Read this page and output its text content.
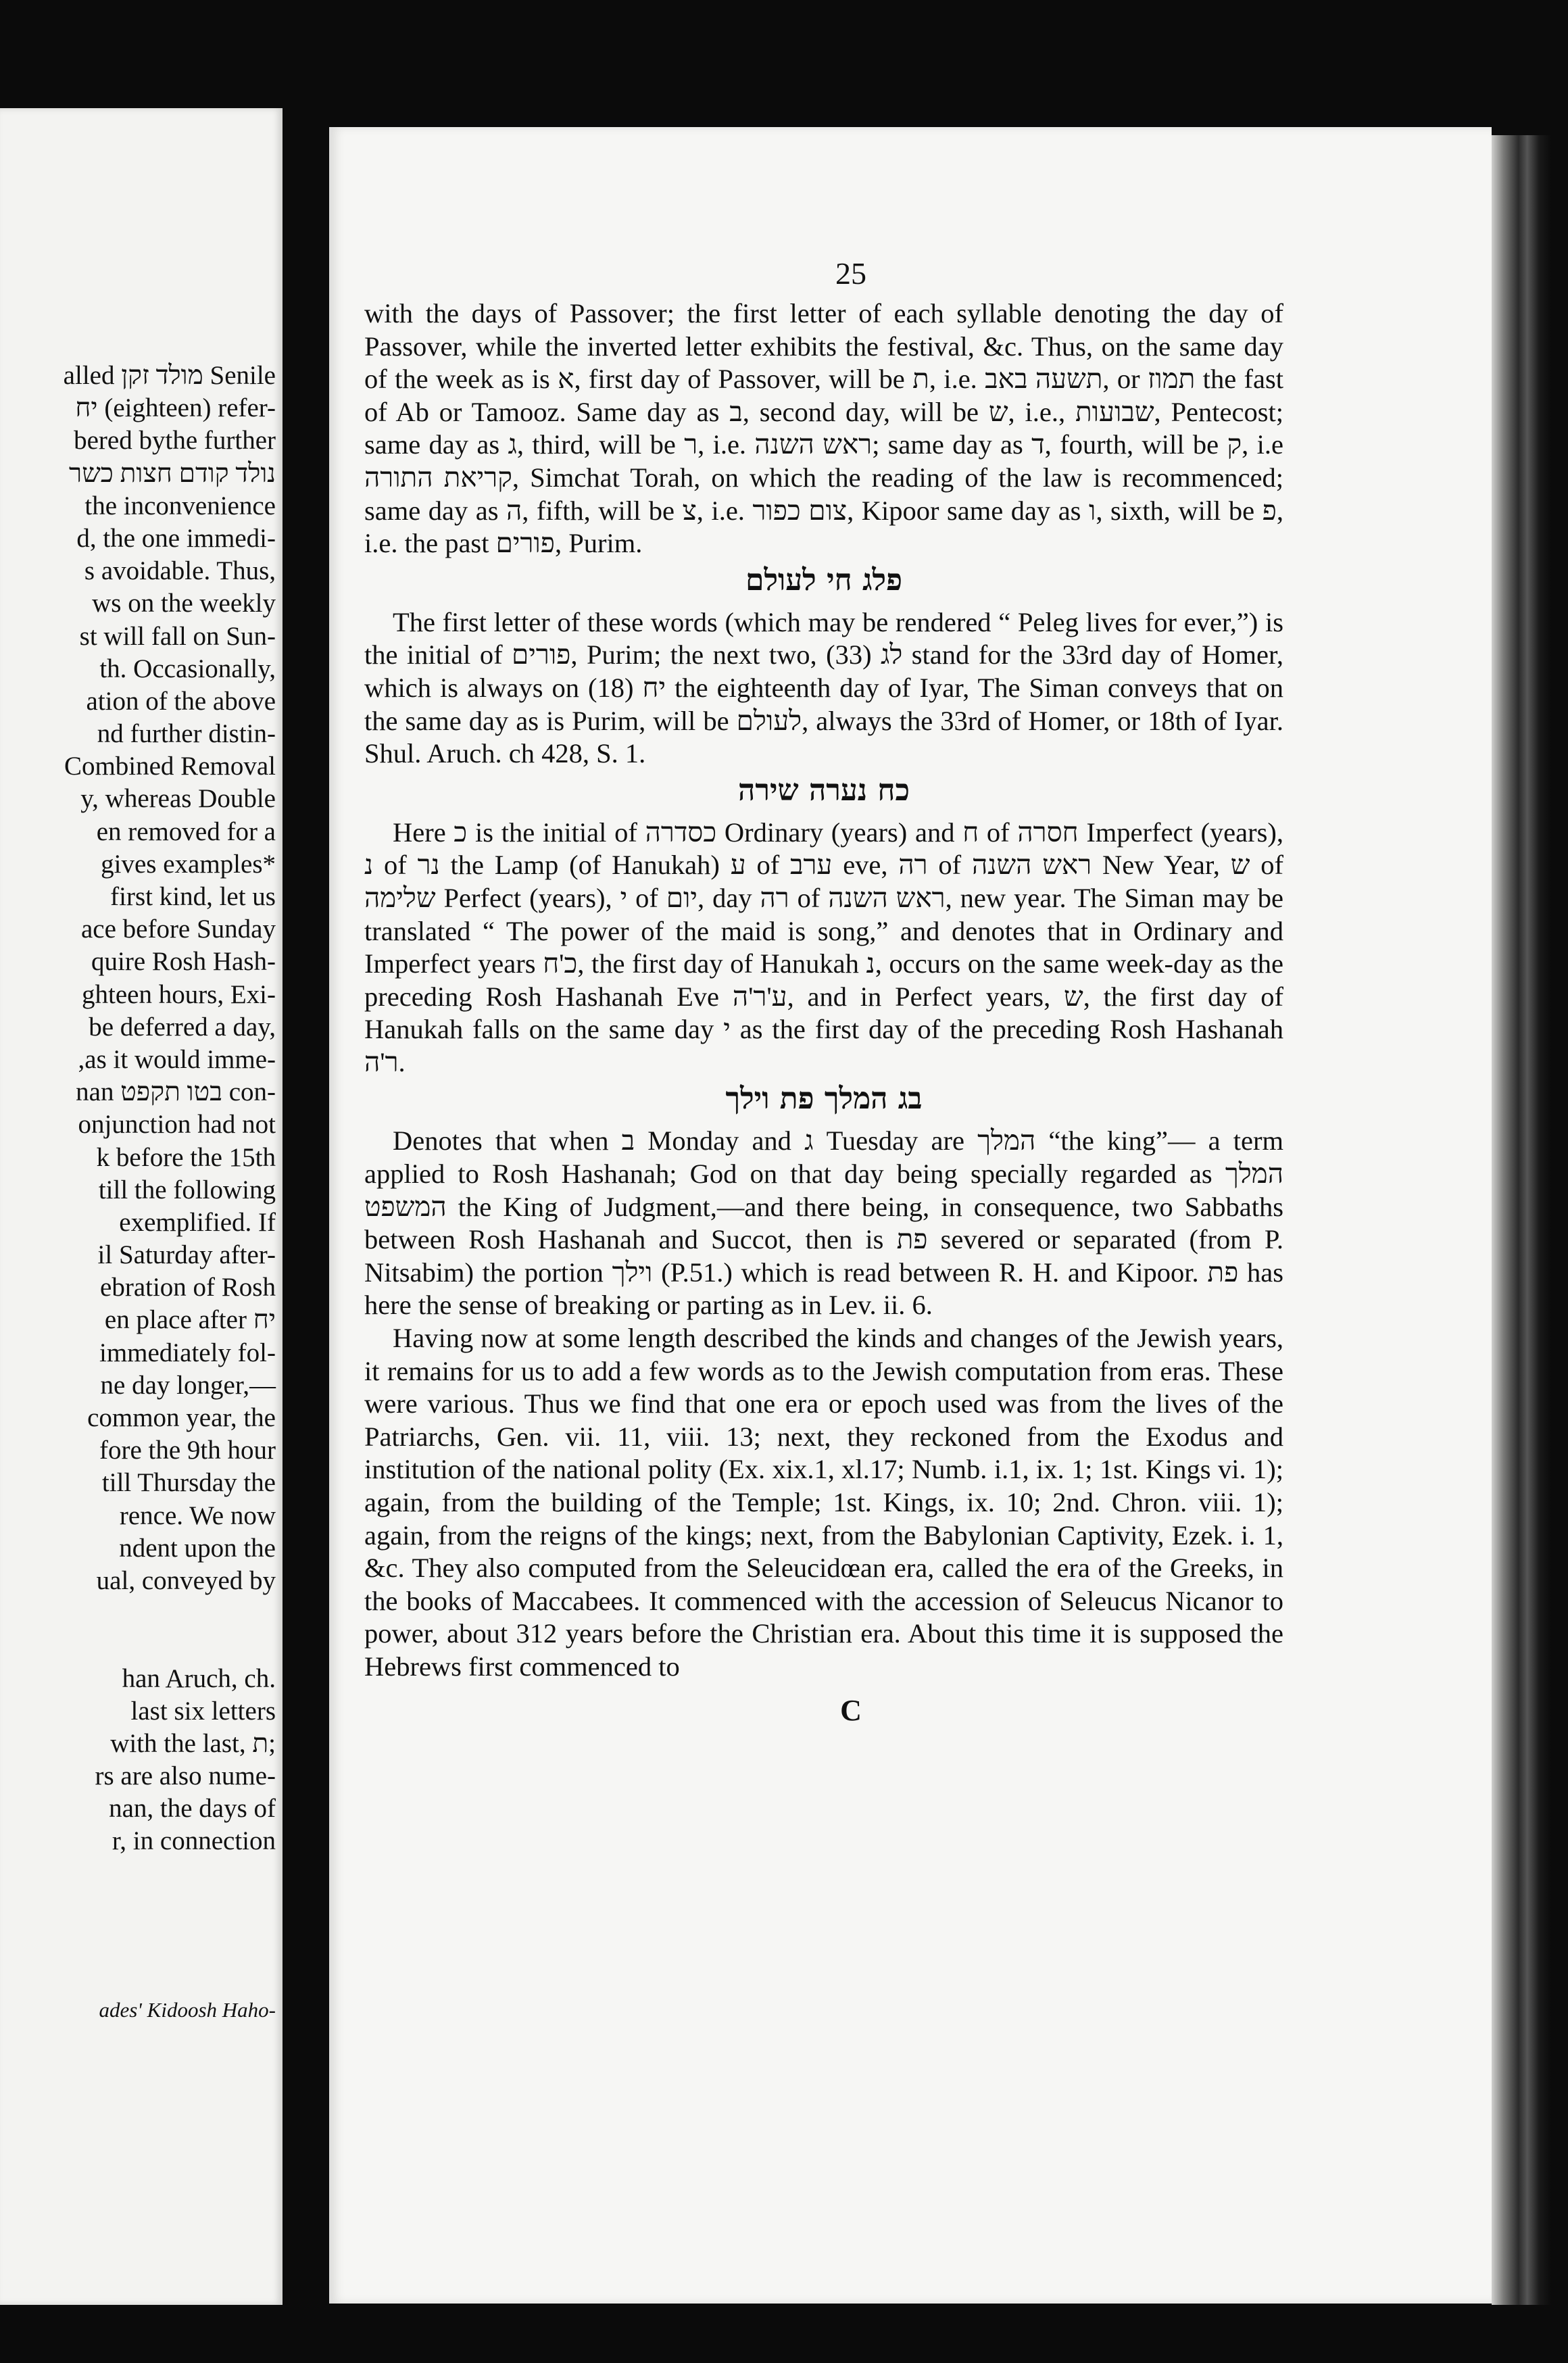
alled מולד זקן Senile
יח (eighteen) refer-
bered bythe further
נולד קודם חצות כשר
the inconvenience
d, the one immedi-
s avoidable. Thus,
ws on the weekly
st will fall on Sun-
th. Occasionally,
ation of the above
nd further distin-
Combined Removal
y, whereas Double
en removed for a
gives examples*
first kind, let us
ace before Sunday
quire Rosh Hash-
ghteen hours, Exi-
be deferred a day,
,as it would imme-
nan בטו תקפט con-
onjunction had not
k before the 15th
till the following
exemplified. If
il Saturday after-
ebration of Rosh
en place after יח
immediately fol-
ne day longer,—
common year, the
fore the 9th hour
till Thursday the
rence. We now
ndent upon the
ual, conveyed by
han Aruch, ch.
last six letters
with the last, ת;
rs are also nume-
nan, the days of
r, in connection
ades' Kidoosh Haho-
25

with the days of Passover; the first letter of each syllable denoting the day of Passover, while the inverted letter exhibits the festival, &c. Thus, on the same day of the week as is א, first day of Passover, will be ת, i.e. תשעה באב, or תמוז the fast of Ab or Tamooz. Same day as ב, second day, will be ש, i.e., שבועות, Pentecost; same day as ג, third, will be ר, i.e. ראש השנה; same day as ד, fourth, will be ק, i.e קריאת התורה, Simchat Torah, on which the reading of the law is recommenced; same day as ה, fifth, will be צ, i.e. צום כפור, Kipoor same day as ו, sixth, will be פ, i.e. the past פורים, Purim.

פלג חי לעולם

The first letter of these words (which may be rendered “ Peleg lives for ever,”) is the initial of פורים, Purim; the next two, לג (33) stand for the 33rd day of Homer, which is always on יח (18) the eighteenth day of Iyar, The Siman conveys that on the same day as is Purim, will be לעולם, always the 33rd of Homer, or 18th of Iyar. Shul. Aruch. ch 428, S. 1.

כח נערה שירה

Here כ is the initial of כסדרה Ordinary (years) and ח of חסרה Imperfect (years), נ of נר the Lamp (of Hanukah) ע of ערב eve, רה of ראש השנה New Year, ש of שלימה Perfect (years), י of יום, day רה of ראש השנה, new year. The Siman may be translated “ The power of the maid is song,” and denotes that in Ordinary and Imperfect years כ'ח, the first day of Hanukah נ, occurs on the same week-day as the preceding Rosh Hashanah Eve ע'ר'ה, and in Perfect years, ש, the first day of Hanukah falls on the same day י as the first day of the preceding Rosh Hashanah ר'ה.

בג המלך פת וילך

Denotes that when ב Monday and ג Tuesday are המלך “the king”— a term applied to Rosh Hashanah; God on that day being specially regarded as המלך המשפט the King of Judgment,—and there being, in consequence, two Sabbaths between Rosh Hashanah and Succot, then is פת severed or separated (from P. Nitsabim) the portion וילך (P.51.) which is read between R. H. and Kipoor. פת has here the sense of breaking or parting as in Lev. ii. 6.

Having now at some length described the kinds and changes of the Jewish years, it remains for us to add a few words as to the Jewish computation from eras. These were various. Thus we find that one era or epoch used was from the lives of the Patriarchs, Gen. vii. 11, viii. 13; next, they reckoned from the Exodus and institution of the national polity (Ex. xix.1, xl.17; Numb. i.1, ix. 1; 1st. Kings vi. 1); again, from the building of the Temple; 1st. Kings, ix. 10; 2nd. Chron. viii. 1); again, from the reigns of the kings; next, from the Babylonian Captivity, Ezek. i. 1, &c. They also computed from the Seleucidœan era, called the era of the Greeks, in the books of Maccabees. It commenced with the accession of Seleucus Nicanor to power, about 312 years before the Christian era. About this time it is supposed the Hebrews first commenced to

C
